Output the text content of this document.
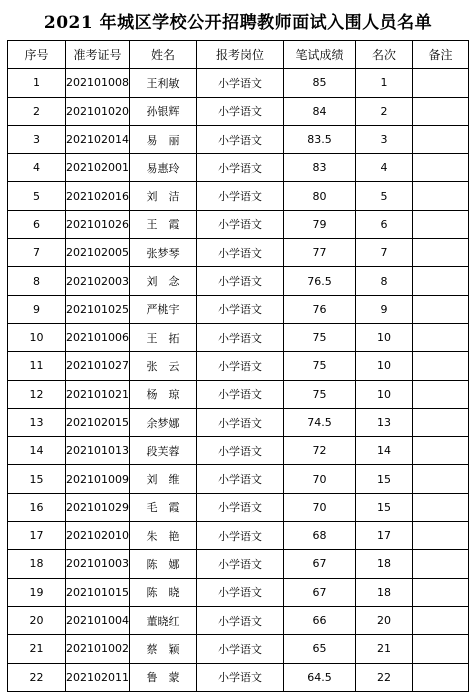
2021 年城区学校公开招聘教师面试入围人员名单
序号	准考证号	姓名	报考岗位	笔试成绩	名次	备注
1	202101008	王利敏	小学语文	85	1	
2	202101020	孙银辉	小学语文	84	2	
3	202102014	易　丽	小学语文	83.5	3	
4	202102001	易惠玲	小学语文	83	4	
5	202102016	刘　洁	小学语文	80	5	
6	202101026	王　霞	小学语文	79	6	
7	202102005	张梦琴	小学语文	77	7	
8	202102003	刘　念	小学语文	76.5	8	
9	202101025	严桃宇	小学语文	76	9	
10	202101006	王　拓	小学语文	75	10	
11	202101027	张　云	小学语文	75	10	
12	202101021	杨　琼	小学语文	75	10	
13	202102015	余梦娜	小学语文	74.5	13	
14	202101013	段芙蓉	小学语文	72	14	
15	202101009	刘　维	小学语文	70	15	
16	202101029	毛　霞	小学语文	70	15	
17	202102010	朱　艳	小学语文	68	17	
18	202101003	陈　娜	小学语文	67	18	
19	202101015	陈　晓	小学语文	67	18	
20	202101004	董晓红	小学语文	66	20	
21	202101002	蔡　颖	小学语文	65	21	
22	202102011	鲁　蒙	小学语文	64.5	22	
